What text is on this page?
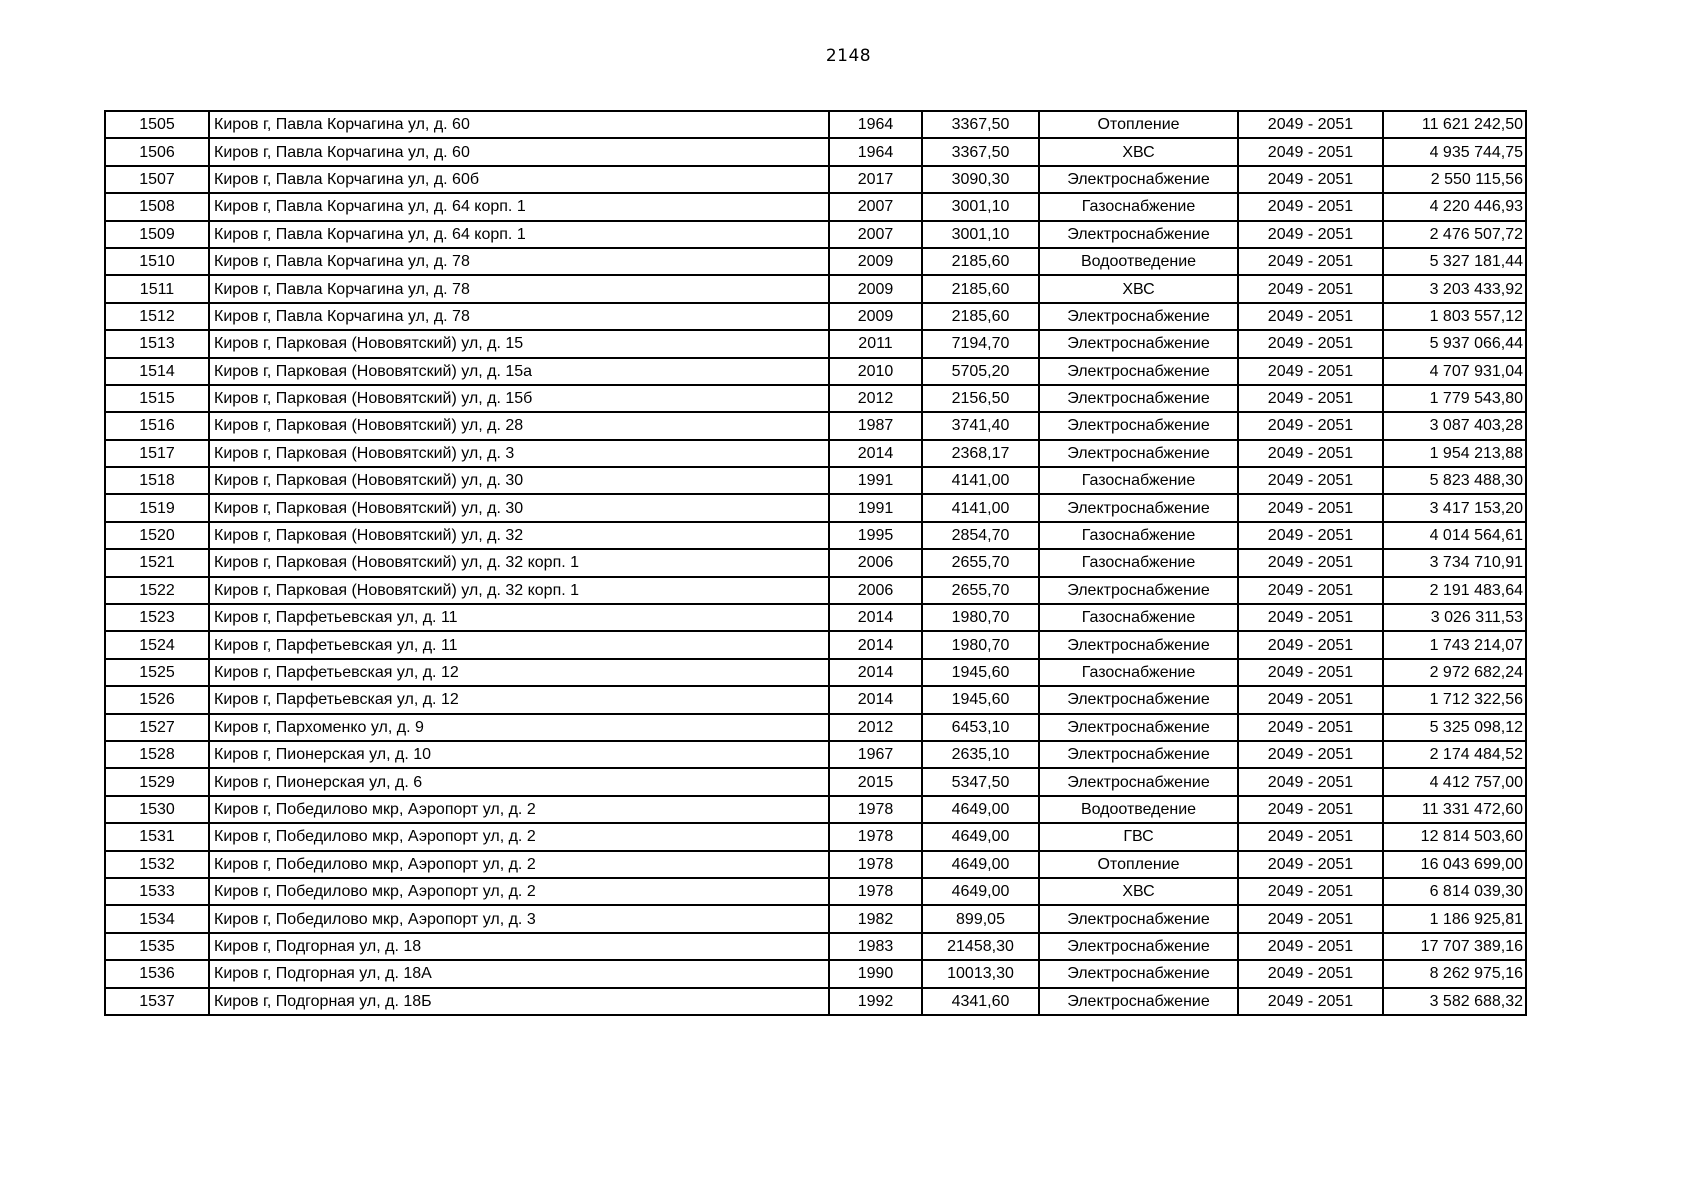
2148
1505	Киров г, Павла Корчагина ул, д. 60	1964	3367,50	Отопление	2049 - 2051	11 621 242,50
1506	Киров г, Павла Корчагина ул, д. 60	1964	3367,50	ХВС	2049 - 2051	4 935 744,75
1507	Киров г, Павла Корчагина ул, д. 60б	2017	3090,30	Электроснабжение	2049 - 2051	2 550 115,56
1508	Киров г, Павла Корчагина ул, д. 64 корп. 1	2007	3001,10	Газоснабжение	2049 - 2051	4 220 446,93
1509	Киров г, Павла Корчагина ул, д. 64 корп. 1	2007	3001,10	Электроснабжение	2049 - 2051	2 476 507,72
1510	Киров г, Павла Корчагина ул, д. 78	2009	2185,60	Водоотведение	2049 - 2051	5 327 181,44
1511	Киров г, Павла Корчагина ул, д. 78	2009	2185,60	ХВС	2049 - 2051	3 203 433,92
1512	Киров г, Павла Корчагина ул, д. 78	2009	2185,60	Электроснабжение	2049 - 2051	1 803 557,12
1513	Киров г, Парковая (Нововятский) ул, д. 15	2011	7194,70	Электроснабжение	2049 - 2051	5 937 066,44
1514	Киров г, Парковая (Нововятский) ул, д. 15а	2010	5705,20	Электроснабжение	2049 - 2051	4 707 931,04
1515	Киров г, Парковая (Нововятский) ул, д. 15б	2012	2156,50	Электроснабжение	2049 - 2051	1 779 543,80
1516	Киров г, Парковая (Нововятский) ул, д. 28	1987	3741,40	Электроснабжение	2049 - 2051	3 087 403,28
1517	Киров г, Парковая (Нововятский) ул, д. 3	2014	2368,17	Электроснабжение	2049 - 2051	1 954 213,88
1518	Киров г, Парковая (Нововятский) ул, д. 30	1991	4141,00	Газоснабжение	2049 - 2051	5 823 488,30
1519	Киров г, Парковая (Нововятский) ул, д. 30	1991	4141,00	Электроснабжение	2049 - 2051	3 417 153,20
1520	Киров г, Парковая (Нововятский) ул, д. 32	1995	2854,70	Газоснабжение	2049 - 2051	4 014 564,61
1521	Киров г, Парковая (Нововятский) ул, д. 32 корп. 1	2006	2655,70	Газоснабжение	2049 - 2051	3 734 710,91
1522	Киров г, Парковая (Нововятский) ул, д. 32 корп. 1	2006	2655,70	Электроснабжение	2049 - 2051	2 191 483,64
1523	Киров г, Парфетьевская ул, д. 11	2014	1980,70	Газоснабжение	2049 - 2051	3 026 311,53
1524	Киров г, Парфетьевская ул, д. 11	2014	1980,70	Электроснабжение	2049 - 2051	1 743 214,07
1525	Киров г, Парфетьевская ул, д. 12	2014	1945,60	Газоснабжение	2049 - 2051	2 972 682,24
1526	Киров г, Парфетьевская ул, д. 12	2014	1945,60	Электроснабжение	2049 - 2051	1 712 322,56
1527	Киров г, Пархоменко ул, д. 9	2012	6453,10	Электроснабжение	2049 - 2051	5 325 098,12
1528	Киров г, Пионерская ул, д. 10	1967	2635,10	Электроснабжение	2049 - 2051	2 174 484,52
1529	Киров г, Пионерская ул, д. 6	2015	5347,50	Электроснабжение	2049 - 2051	4 412 757,00
1530	Киров г, Победилово мкр, Аэропорт ул, д. 2	1978	4649,00	Водоотведение	2049 - 2051	11 331 472,60
1531	Киров г, Победилово мкр, Аэропорт ул, д. 2	1978	4649,00	ГВС	2049 - 2051	12 814 503,60
1532	Киров г, Победилово мкр, Аэропорт ул, д. 2	1978	4649,00	Отопление	2049 - 2051	16 043 699,00
1533	Киров г, Победилово мкр, Аэропорт ул, д. 2	1978	4649,00	ХВС	2049 - 2051	6 814 039,30
1534	Киров г, Победилово мкр, Аэропорт ул, д. 3	1982	899,05	Электроснабжение	2049 - 2051	1 186 925,81
1535	Киров г, Подгорная ул, д. 18	1983	21458,30	Электроснабжение	2049 - 2051	17 707 389,16
1536	Киров г, Подгорная ул, д. 18А	1990	10013,30	Электроснабжение	2049 - 2051	8 262 975,16
1537	Киров г, Подгорная ул, д. 18Б	1992	4341,60	Электроснабжение	2049 - 2051	3 582 688,32
